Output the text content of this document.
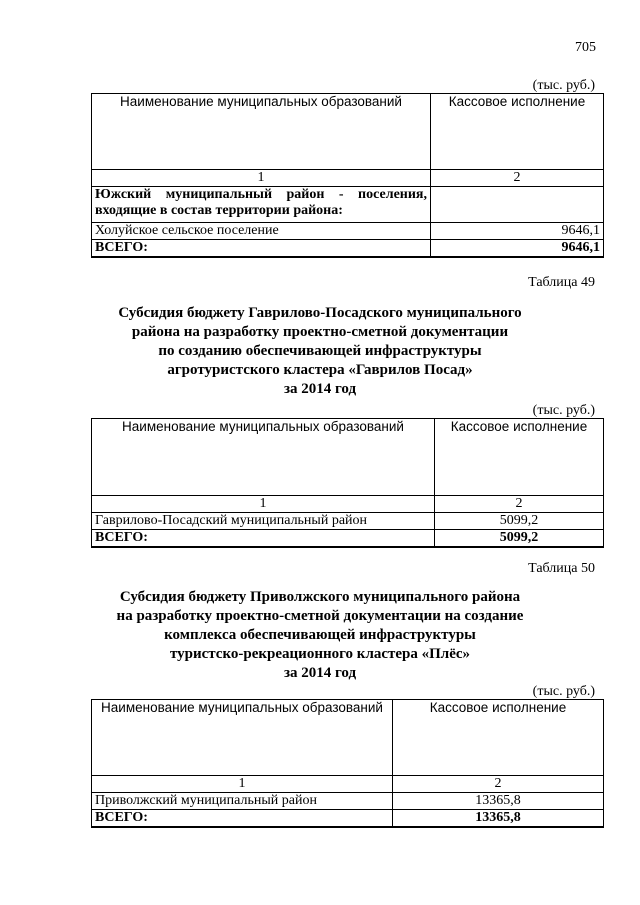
705
(тыс. руб.)
Наименование муниципальных образований	Кассовое исполнение
1	2

Южский муниципальный район - поселения,
входящие в состав территории района:	

Холуйское сельское поселение	9646,1
ВСЕГО:	9646,1
Таблица 49
Субсидия бюджету Гаврилово-Посадского муниципального
района на разработку проектно-сметной документации
по созданию обеспечивающей инфраструктуры
агротуристского кластера «Гаврилов Посад»
за 2014 год
(тыс. руб.)
Наименование муниципальных образований	Кассовое исполнение
1	2
Гаврилово-Посадский муниципальный район	5099,2
ВСЕГО:	5099,2
Таблица 50
Субсидия бюджету Приволжского муниципального района
на разработку проектно-сметной документации на создание
комплекса обеспечивающей инфраструктуры
туристско-рекреационного кластера «Плёс»
за 2014 год
(тыс. руб.)
Наименование муниципальных образований	Кассовое исполнение
1	2
Приволжский муниципальный район	13365,8
ВСЕГО:	13365,8
